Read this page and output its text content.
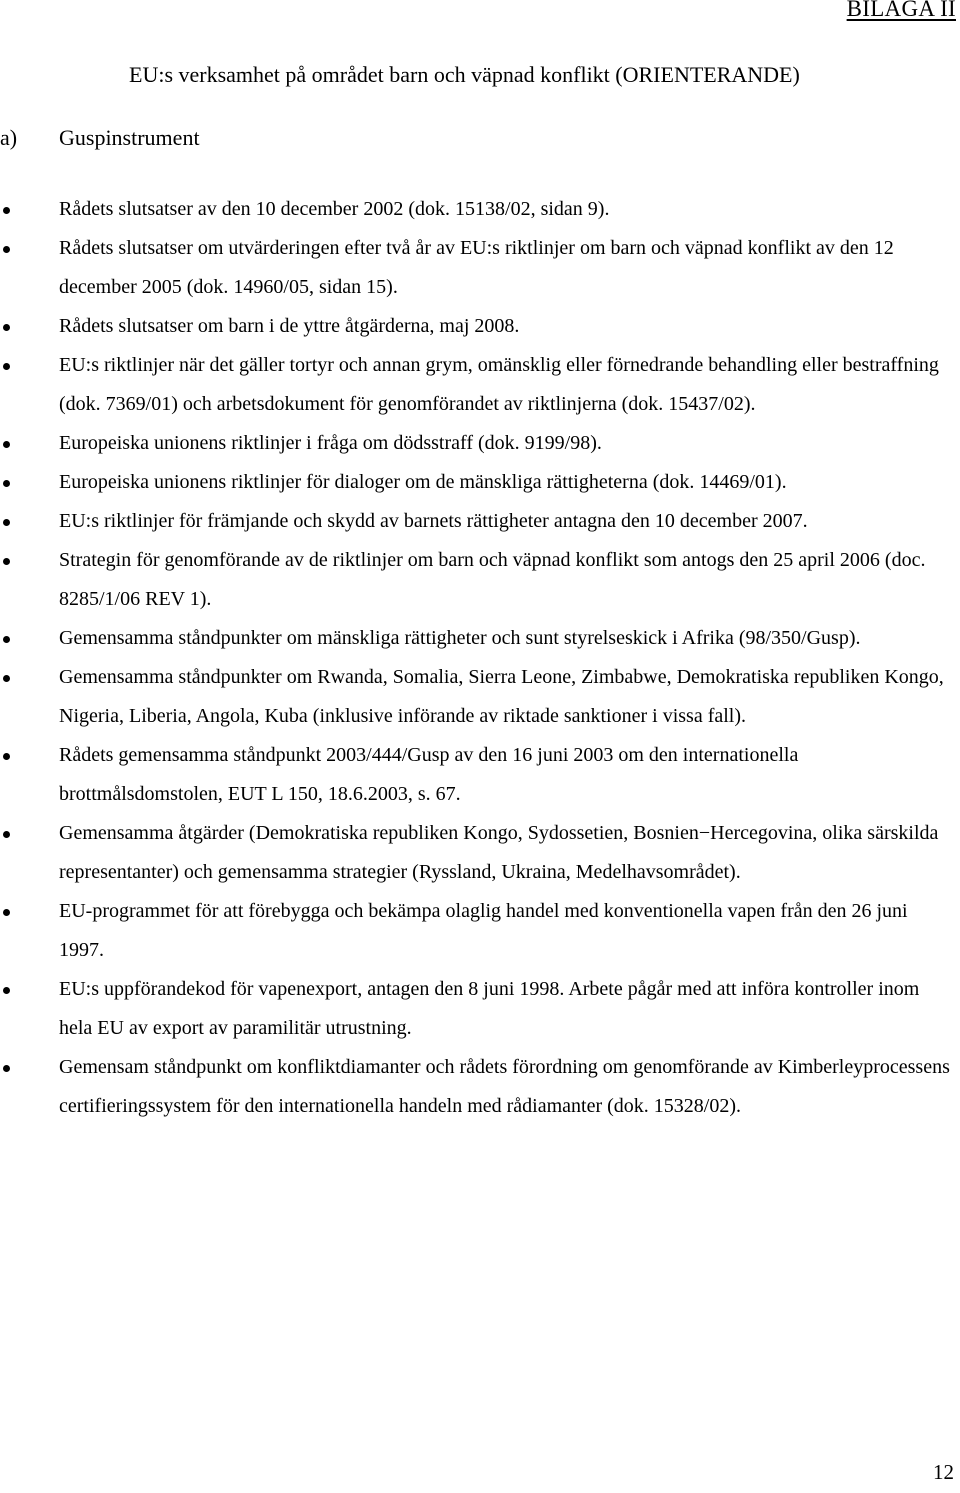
BILAGA II
EU:s verksamhet på området barn och väpnad konflikt (ORIENTERANDE)
a) Guspinstrument
Rådets slutsatser av den 10 december 2002 (dok. 15138/02, sidan 9).
Rådets slutsatser om utvärderingen efter två år av EU:s riktlinjer om barn och väpnad konflikt av den 12 december 2005 (dok. 14960/05, sidan 15).
Rådets slutsatser om barn i de yttre åtgärderna, maj 2008.
EU:s riktlinjer när det gäller tortyr och annan grym, omänsklig eller förnedrande behandling eller bestraffning (dok. 7369/01) och arbetsdokument för genomförandet av riktlinjerna (dok. 15437/02).
Europeiska unionens riktlinjer i fråga om dödsstraff (dok. 9199/98).
Europeiska unionens riktlinjer för dialoger om de mänskliga rättigheterna (dok. 14469/01).
EU:s riktlinjer för främjande och skydd av barnets rättigheter antagna den 10 december 2007.
Strategin för genomförande av de riktlinjer om barn och väpnad konflikt som antogs den 25 april 2006 (doc. 8285/1/06 REV 1).
Gemensamma ståndpunkter om mänskliga rättigheter och sunt styrelseskick i Afrika (98/350/Gusp).
Gemensamma ståndpunkter om Rwanda, Somalia, Sierra Leone, Zimbabwe, Demokratiska republiken Kongo, Nigeria, Liberia, Angola, Kuba (inklusive införande av riktade sanktioner i vissa fall).
Rådets gemensamma ståndpunkt 2003/444/Gusp av den 16 juni 2003 om den internationella brottmålsdomstolen, EUT L 150, 18.6.2003, s. 67.
Gemensamma åtgärder (Demokratiska republiken Kongo, Sydossetien, Bosnien−Hercegovina, olika särskilda representanter) och gemensamma strategier (Ryssland, Ukraina, Medelhavsområdet).
EU-programmet för att förebygga och bekämpa olaglig handel med konventionella vapen från den 26 juni 1997.
EU:s uppförandekod för vapenexport, antagen den 8 juni 1998. Arbete pågår med att införa kontroller inom hela EU av export av paramilitär utrustning.
Gemensam ståndpunkt om konfliktdiamanter och rådets förordning om genomförande av Kimberleyprocessens certifieringssystem för den internationella handeln med rådiamanter (dok. 15328/02).
12
